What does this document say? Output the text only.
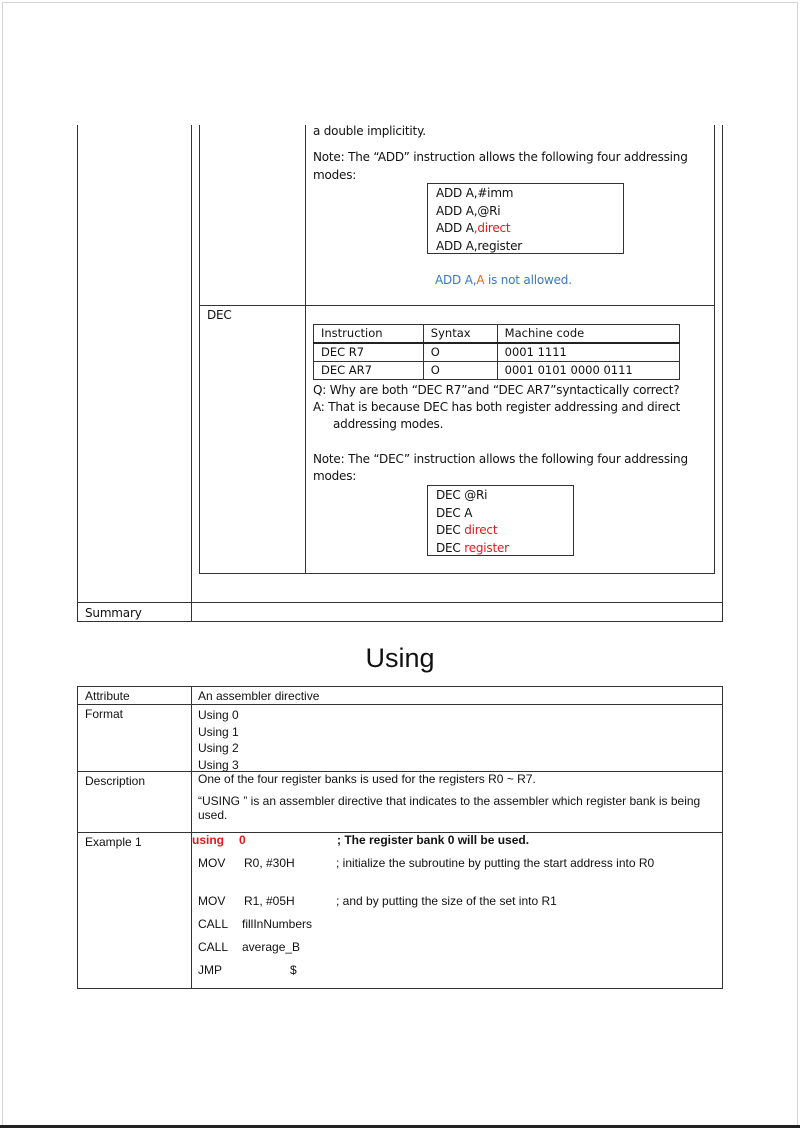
a double implicitity.
Note: The “ADD” instruction allows the following four addressing
modes:
ADD A,#imm
ADD A,@Ri
ADD A,direct
ADD A,register
ADD A,A is not allowed.
DEC
Instruction	Syntax	Machine code
DEC R7	O	0001 1111
DEC AR7	O	0001 0101 0000 0111
Q: Why are both “DEC R7”and “DEC AR7”syntactically correct?
A: That is because DEC has both register addressing and direct
addressing modes.
Note: The “DEC” instruction allows the following four addressing
modes:
DEC @Ri
DEC A
DEC direct
DEC register
Summary
Using
Attribute	An assembler directive
Format	Using 0
Using 1
Using 2
Using 3
Description	One of the four register banks is used for the registers R0 ~ R7.
“USING ” is an assembler directive that indicates to the assembler which register bank is being
used.
Example 1	using 0	; The register bank 0 will be used.
MOV R0, #30H	; initialize the subroutine by putting the start address into R0
MOV R1, #05H	; and by putting the size of the set into R1
CALL fillInNumbers
CALL average_B
JMP	$
